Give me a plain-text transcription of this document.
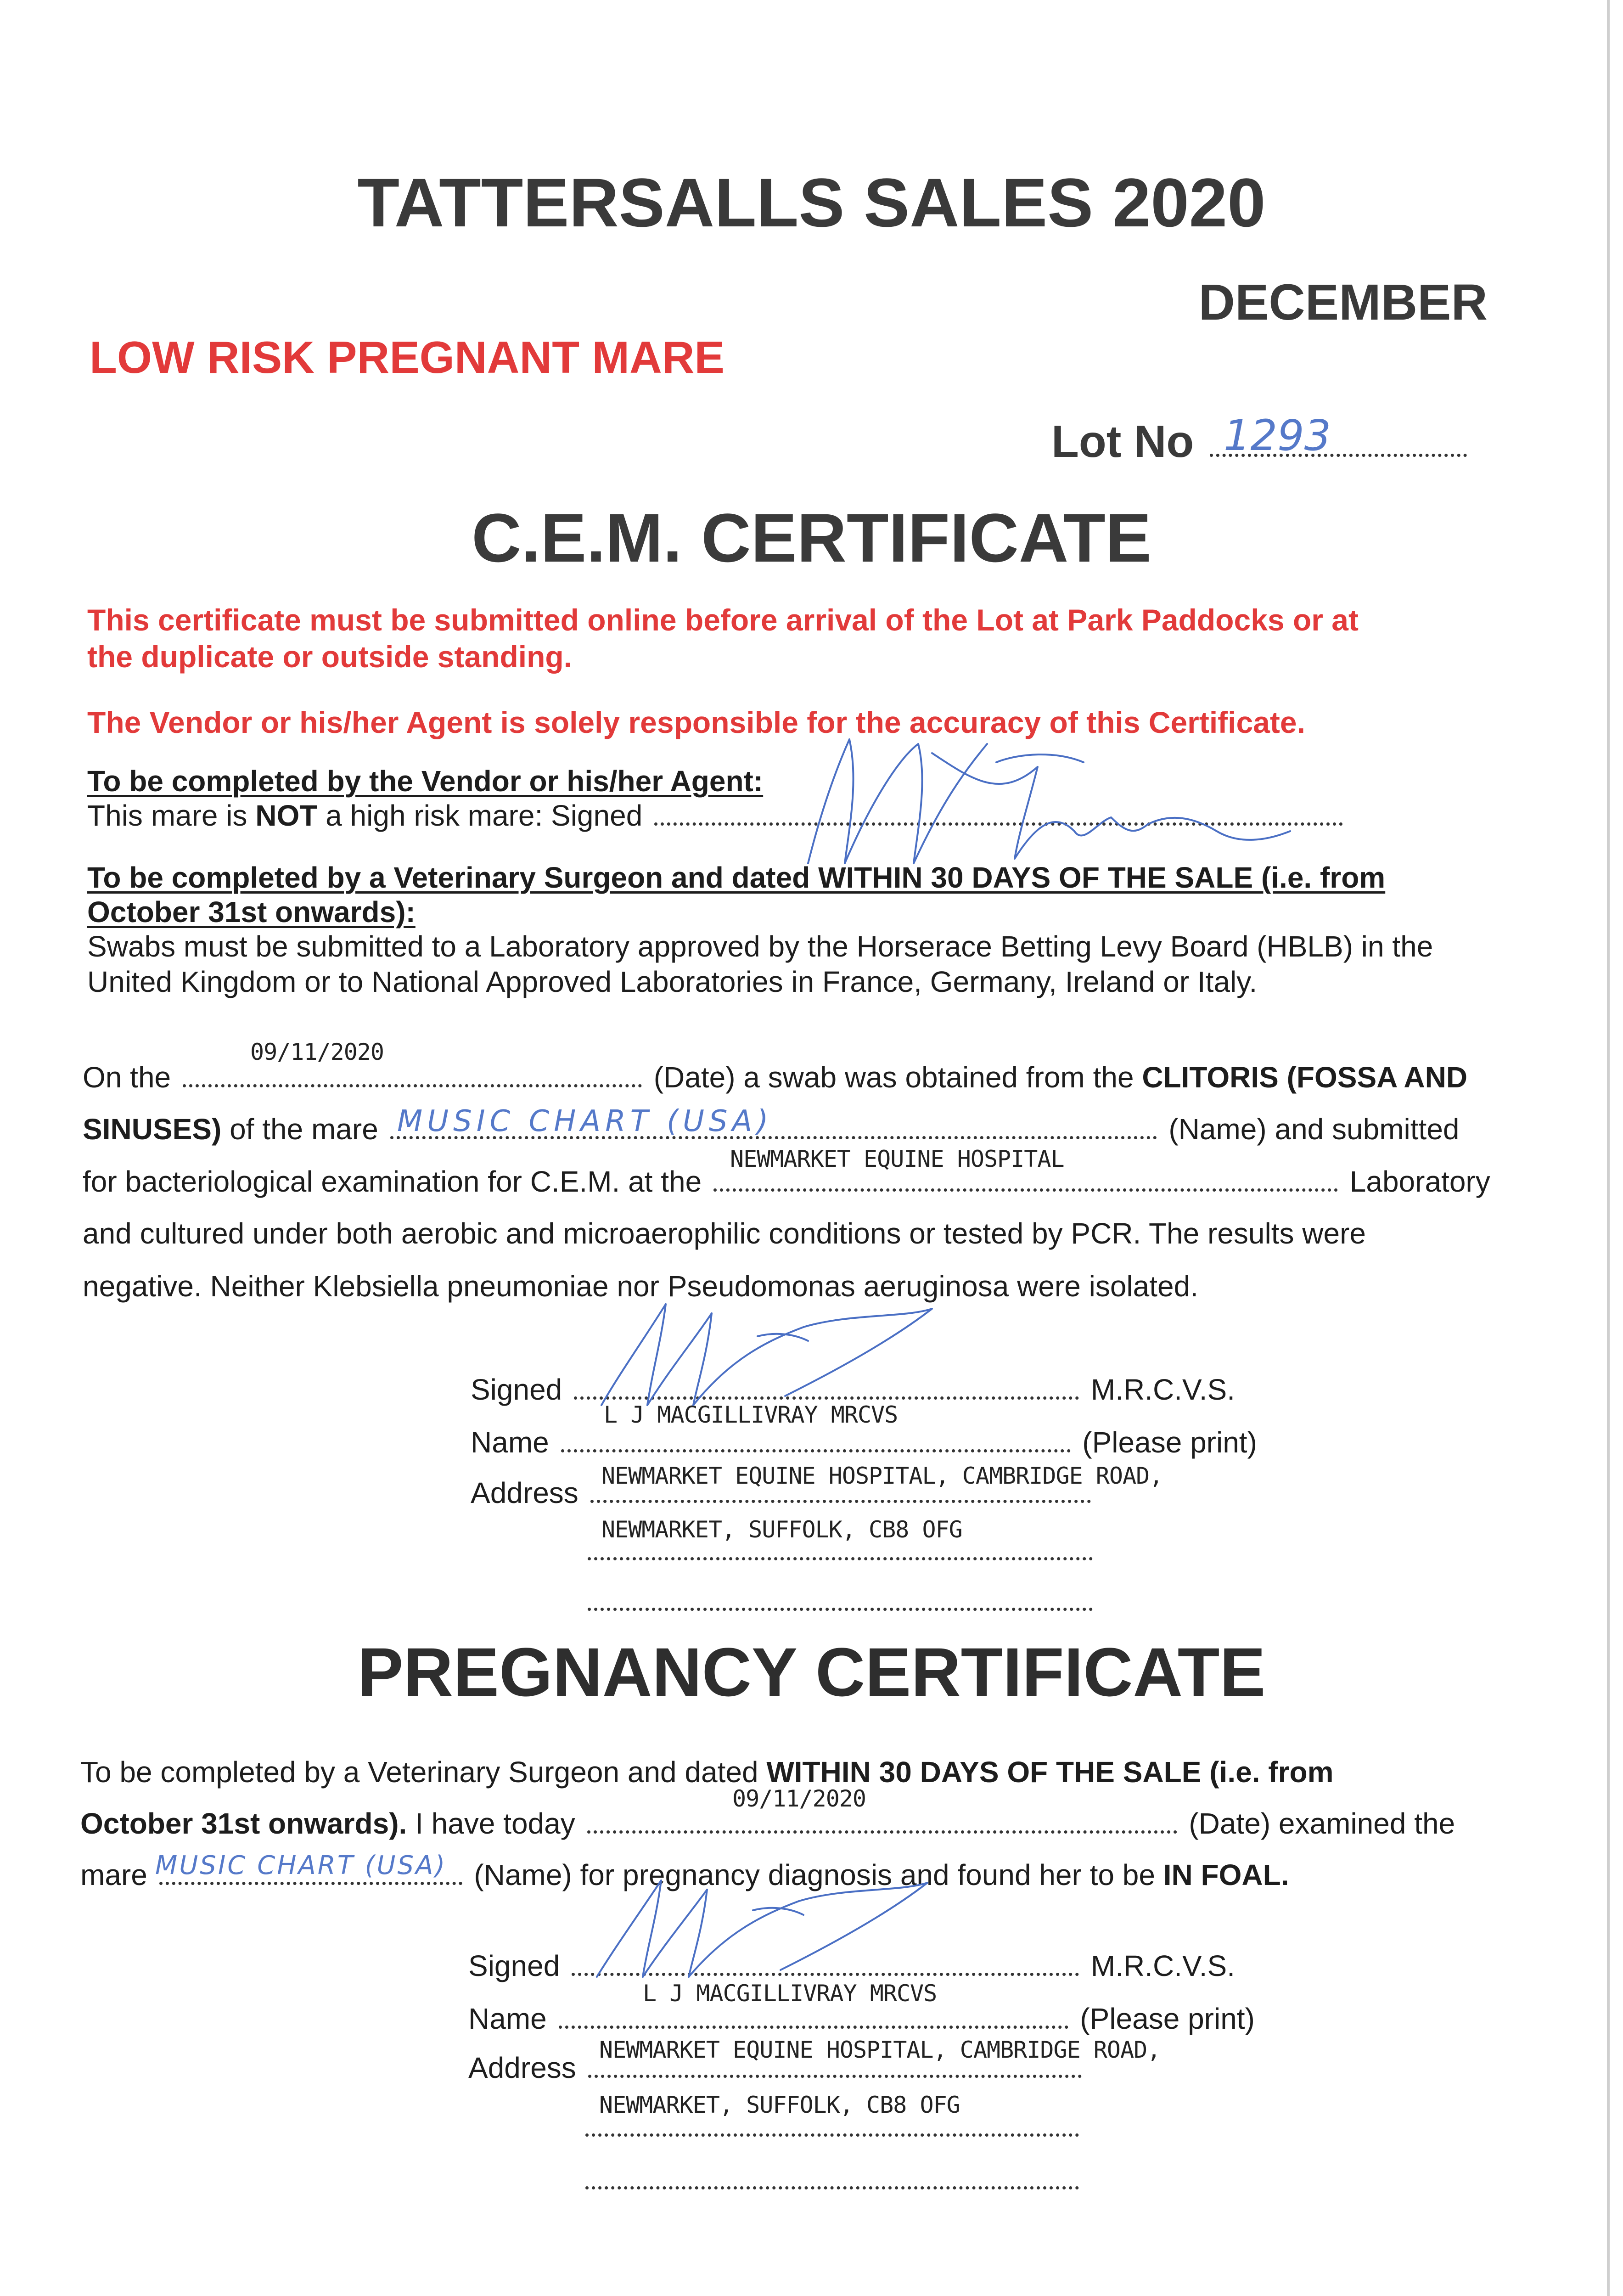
TATTERSALLS SALES 2020
DECEMBER
LOW RISK PREGNANT MARE
Lot No 1293
C.E.M. CERTIFICATE
This certificate must be submitted online before arrival of the Lot at Park Paddocks or at
the duplicate or outside standing.
The Vendor or his/her Agent is solely responsible for the accuracy of this Certificate.
To be completed by the Vendor or his/her Agent:
This mare is NOT a high risk mare: Signed
To be completed by a Veterinary Surgeon and dated WITHIN 30 DAYS OF THE SALE (i.e. from
October 31st onwards):
Swabs must be submitted to a Laboratory approved by the Horserace Betting Levy Board (HBLB) in the
United Kingdom or to National Approved Laboratories in France, Germany, Ireland or Italy.
On the	(Date) a swab was obtained from the CLITORIS (FOSSA AND
09/11/2020
SINUSES) of the mare	(Name) and submitted
MUSIC CHART (USA)
for bacteriological examination for C.E.M. at the	Laboratory
NEWMARKET EQUINE HOSPITAL
and cultured under both aerobic and microaerophilic conditions or tested by PCR. The results were
negative. Neither Klebsiella pneumoniae nor Pseudomonas aeruginosa were isolated.
Signed	M.R.C.V.S.
L J MACGILLIVRAY MRCVS
Name	(Please print)
NEWMARKET EQUINE HOSPITAL, CAMBRIDGE ROAD,
Address
NEWMARKET, SUFFOLK, CB8 OFG
PREGNANCY CERTIFICATE
To be completed by a Veterinary Surgeon and dated WITHIN 30 DAYS OF THE SALE (i.e. from
October 31st onwards). I have today	(Date) examined the
09/11/2020
mare	(Name) for pregnancy diagnosis and found her to be IN FOAL.
MUSIC CHART (USA)
Signed	M.R.C.V.S.
L J MACGILLIVRAY MRCVS
Name	(Please print)
NEWMARKET EQUINE HOSPITAL, CAMBRIDGE ROAD,
Address
NEWMARKET, SUFFOLK, CB8 OFG
